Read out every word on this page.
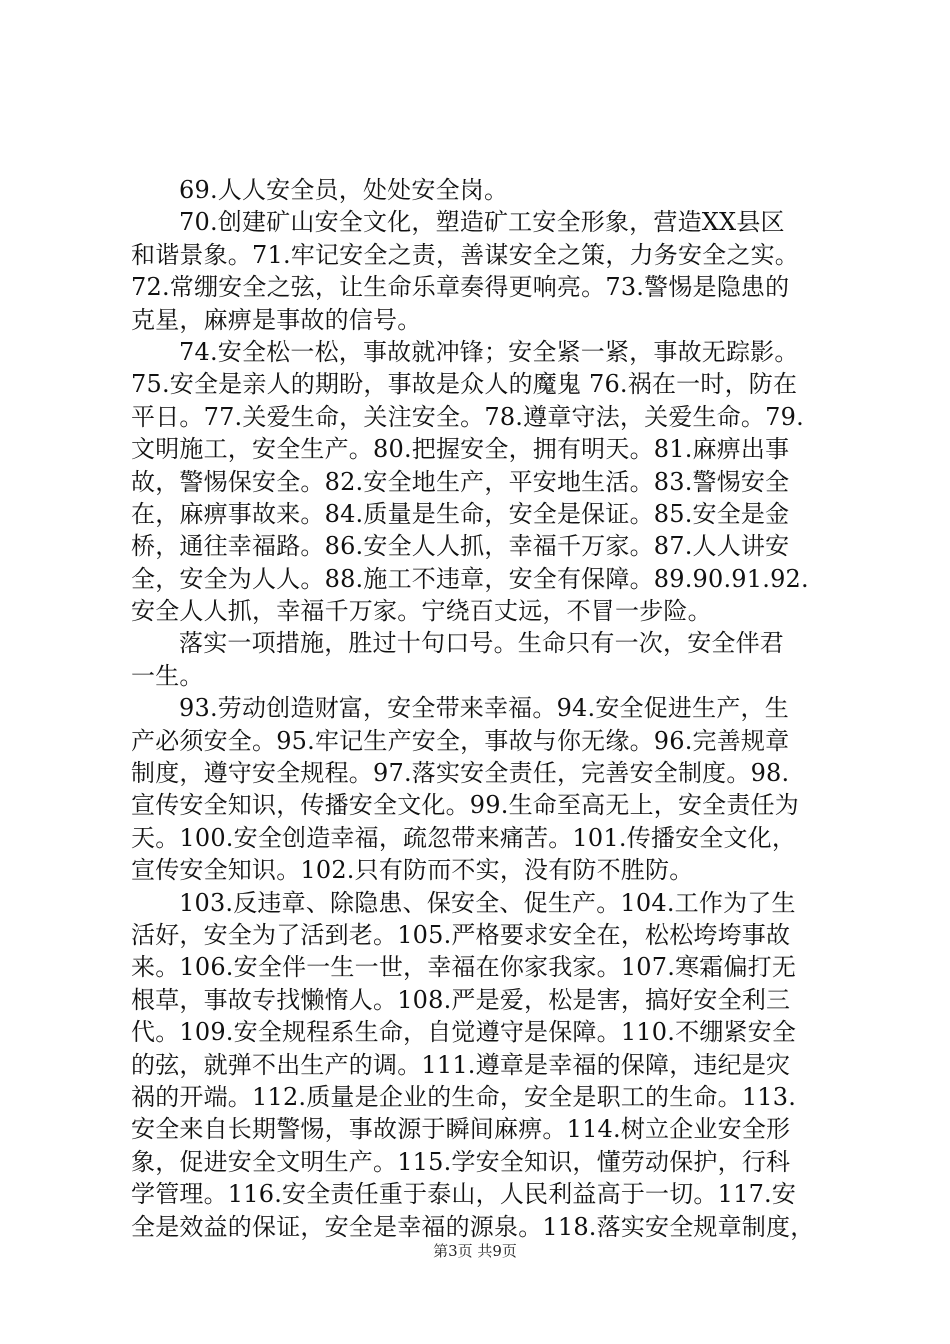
69.人人安全员，处处安全岗。
70.创建矿山安全文化，塑造矿工安全形象，营造XX县区
和谐景象。71.牢记安全之责，善谋安全之策，力务安全之实。
72.常绷安全之弦，让生命乐章奏得更响亮。73.警惕是隐患的
克星，麻痹是事故的信号。
74.安全松一松，事故就冲锋；安全紧一紧，事故无踪影。
75.安全是亲人的期盼，事故是众人的魔鬼 76.祸在一时，防在
平日。77.关爱生命，关注安全。78.遵章守法，关爱生命。79.
文明施工，安全生产。80.把握安全，拥有明天。81.麻痹出事
故，警惕保安全。82.安全地生产，平安地生活。83.警惕安全
在，麻痹事故来。84.质量是生命，安全是保证。85.安全是金
桥，通往幸福路。86.安全人人抓，幸福千万家。87.人人讲安
全，安全为人人。88.施工不违章，安全有保障。89.90.91.92.
安全人人抓，幸福千万家。宁绕百丈远，不冒一步险。
落实一项措施，胜过十句口号。生命只有一次，安全伴君
一生。
93.劳动创造财富，安全带来幸福。94.安全促进生产，生
产必须安全。95.牢记生产安全，事故与你无缘。96.完善规章
制度，遵守安全规程。97.落实安全责任，完善安全制度。98.
宣传安全知识，传播安全文化。99.生命至高无上，安全责任为
天。100.安全创造幸福，疏忽带来痛苦。101.传播安全文化，
宣传安全知识。102.只有防而不实，没有防不胜防。
103.反违章、除隐患、保安全、促生产。104.工作为了生
活好，安全为了活到老。105.严格要求安全在，松松垮垮事故
来。106.安全伴一生一世，幸福在你家我家。107.寒霜偏打无
根草，事故专找懒惰人。108.严是爱，松是害，搞好安全利三
代。109.安全规程系生命，自觉遵守是保障。110.不绷紧安全
的弦，就弹不出生产的调。111.遵章是幸福的保障，违纪是灾
祸的开端。112.质量是企业的生命，安全是职工的生命。113.
安全来自长期警惕，事故源于瞬间麻痹。114.树立企业安全形
象，促进安全文明生产。115.学安全知识，懂劳动保护，行科
学管理。116.安全责任重于泰山，人民利益高于一切。117.安
全是效益的保证，安全是幸福的源泉。118.落实安全规章制度，
第3页 共9页
